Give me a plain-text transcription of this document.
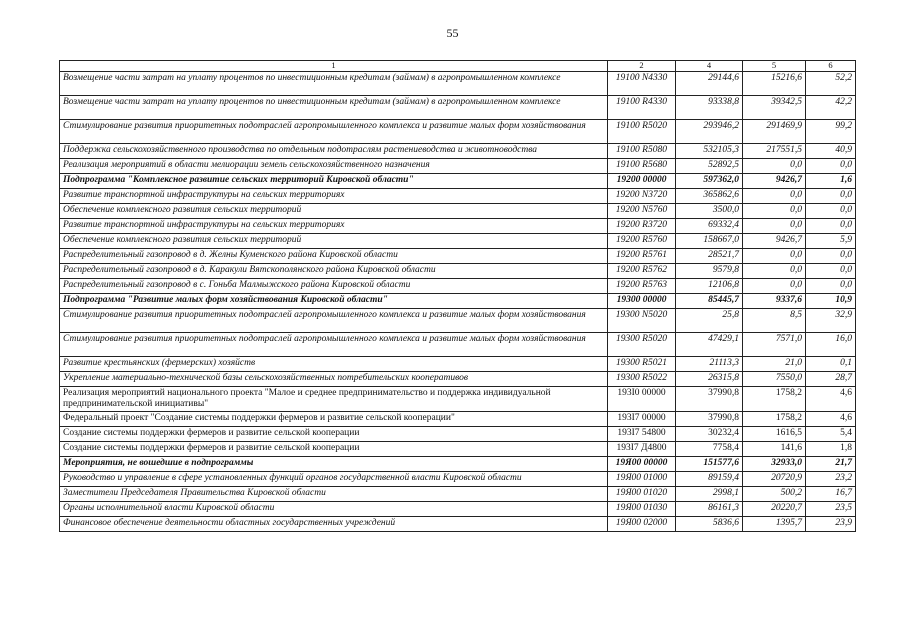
55
1	2	4	5	6
Возмещение части затрат на уплату процентов по инвестиционным кредитам (займам) в агропромышленном комплексе	19100 N4330	29144,6	15216,6	52,2
Возмещение части затрат на уплату процентов по инвестиционным кредитам (займам) в агропромышленном комплексе	19100 R4330	93338,8	39342,5	42,2
Стимулирование развития приоритетных подотраслей агропромышленного комплекса и развитие малых форм хозяйствования	19100 R5020	293946,2	291469,9	99,2
Поддержка сельскохозяйственного производства по отдельным подотраслям растениеводства и животноводства	19100 R5080	532105,3	217551,5	40,9
Реализация мероприятий в области мелиорации земель сельскохозяйственного назначения	19100 R5680	52892,5	0,0	0,0
Подпрограмма "Комплексное развитие сельских территорий Кировской области"	19200 00000	597362,0	9426,7	1,6
Развитие транспортной инфраструктуры на сельских территориях	19200 N3720	365862,6	0,0	0,0
Обеспечение комплексного развития сельских территорий	19200 N5760	3500,0	0,0	0,0
Развитие транспортной инфраструктуры на сельских территориях	19200 R3720	69332,4	0,0	0,0
Обеспечение комплексного развития сельских территорий	19200 R5760	158667,0	9426,7	5,9
Распределительный газопровод в д. Желны Куменского района Кировской области	19200 R5761	28521,7	0,0	0,0
Распределительный газопровод в д. Каракули Вятскополянского района Кировской области	19200 R5762	9579,8	0,0	0,0
Распределительный газопровод в с. Гоньба Малмыжского района Кировской области	19200 R5763	12106,8	0,0	0,0
Подпрограмма "Развитие малых форм хозяйствования Кировской области"	19300 00000	85445,7	9337,6	10,9
Стимулирование развития приоритетных подотраслей агропромышленного комплекса и развитие малых форм хозяйствования	19300 N5020	25,8	8,5	32,9
Стимулирование развития приоритетных подотраслей агропромышленного комплекса и развитие малых форм хозяйствования	19300 R5020	47429,1	7571,0	16,0
Развитие крестьянских (фермерских) хозяйств	19300 R5021	21113,3	21,0	0,1
Укрепление материально-технической базы сельскохозяйственных потребительских кооперативов	19300 R5022	26315,8	7550,0	28,7
Реализация мероприятий национального проекта "Малое и среднее предпринимательство и поддержка индивидуальной предпринимательской инициативы"	193I0 00000	37990,8	1758,2	4,6
Федеральный проект "Создание системы поддержки фермеров и развитие сельской кооперации"	193I7 00000	37990,8	1758,2	4,6
Создание системы поддержки фермеров и развитие сельской кооперации	193I7 54800	30232,4	1616,5	5,4
Создание системы поддержки фермеров и развитие сельской кооперации	193I7 Д4800	7758,4	141,6	1,8
Мероприятия, не вошедшие в подпрограммы	19Я00 00000	151577,6	32933,0	21,7
Руководство и управление в сфере установленных функций органов государственной власти Кировской области	19Я00 01000	89159,4	20720,9	23,2
Заместители Председателя Правительства Кировской области	19Я00 01020	2998,1	500,2	16,7
Органы исполнительной власти Кировской области	19Я00 01030	86161,3	20220,7	23,5
Финансовое обеспечение деятельности областных государственных учреждений	19Я00 02000	5836,6	1395,7	23,9
